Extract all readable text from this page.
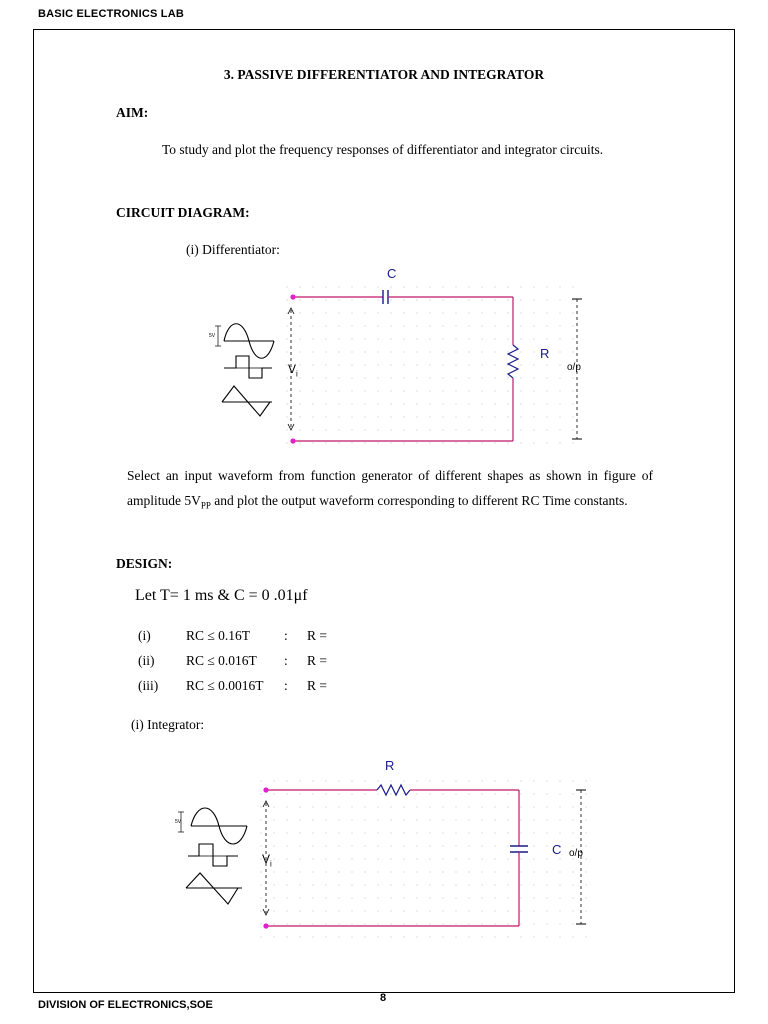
BASIC ELECTRONICS LAB
3. PASSIVE DIFFERENTIATOR AND INTEGRATOR
AIM:
To study and plot the frequency responses of differentiator and integrator circuits.
CIRCUIT DIAGRAM:
(i) Differentiator:
C
R
o/p
$V_i$
5V
Select an input waveform from function generator of different shapes as shown in figure of amplitude $5V_{PP}$ and plot the output waveform corresponding to different RC Time constants.
DESIGN:
Let T= 1 ms & C = 0 .01μf
(i)	RC ≤ 0.16T	: R =
(ii) RC ≤ 0.016T : R =
(iii) RC ≤ 0.0016T : R =
(i) Integrator:
R
C o/p
$V_i$
5V
8
DIVISION OF ELECTRONICS,SOE
